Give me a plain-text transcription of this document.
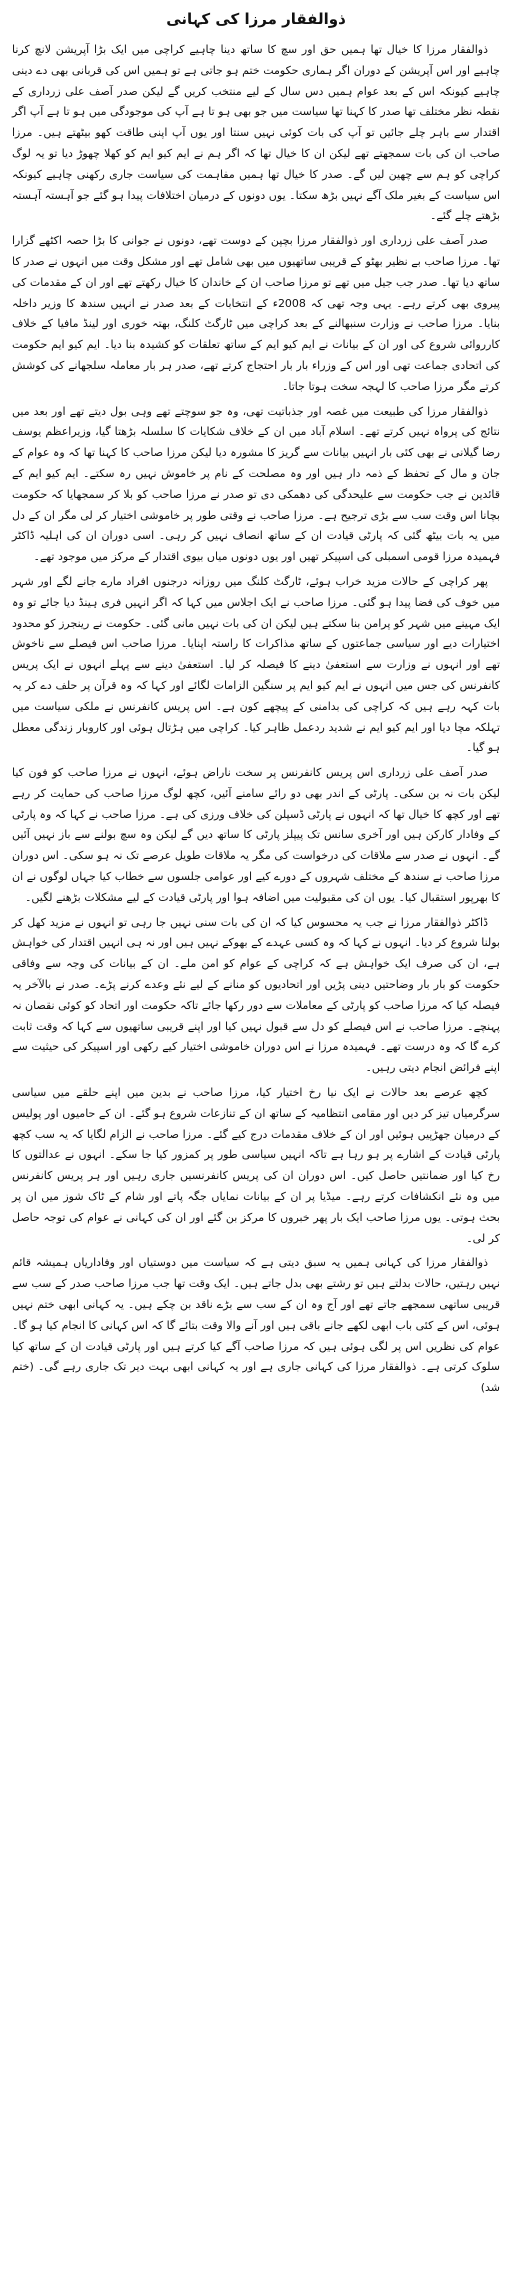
ذوالفقار مرزا کی کہانی

ذوالفقار مرزا کا خیال تھا ہمیں حق اور سچ کا ساتھ دینا چاہیے کراچی میں ایک بڑا آپریشن لانچ کرنا چاہیے اور اس آپریشن کے دوران اگر ہماری حکومت ختم ہو جاتی ہے تو ہمیں اس کی قربانی بھی دے دینی چاہیے کیونکہ اس کے بعد عوام ہمیں دس سال کے لیے منتخب کریں گے لیکن صدر آصف علی زرداری کے نقطہ نظر مختلف تھا صدر کا کہنا تھا سیاست میں جو بھی ہو تا ہے آپ کی موجودگی میں ہو تا ہے آپ اگر اقتدار سے باہر چلے جائیں تو آپ کی بات کوئی نہیں سنتا اور یوں آپ اپنی طاقت کھو بیٹھتے ہیں۔ مرزا صاحب ان کی بات سمجھتے تھے لیکن ان کا خیال تھا کہ اگر ہم نے ایم کیو ایم کو کھلا چھوڑ دیا تو یہ لوگ کراچی کو ہم سے چھین لیں گے۔ صدر کا خیال تھا ہمیں مفاہمت کی سیاست جاری رکھنی چاہیے کیونکہ اس سیاست کے بغیر ملک آگے نہیں بڑھ سکتا۔ یوں دونوں کے درمیان اختلافات پیدا ہو گئے جو آہستہ آہستہ بڑھتے چلے گئے۔

صدر آصف علی زرداری اور ذوالفقار مرزا بچپن کے دوست تھے، دونوں نے جوانی کا بڑا حصہ اکٹھے گزارا تھا۔ مرزا صاحب بے نظیر بھٹو کے قریبی ساتھیوں میں بھی شامل تھے اور مشکل وقت میں انہوں نے صدر کا ساتھ دیا تھا۔ صدر جب جیل میں تھے تو مرزا صاحب ان کے خاندان کا خیال رکھتے تھے اور ان کے مقدمات کی پیروی بھی کرتے رہے۔ یہی وجہ تھی کہ 2008ء کے انتخابات کے بعد صدر نے انہیں سندھ کا وزیر داخلہ بنایا۔ مرزا صاحب نے وزارت سنبھالنے کے بعد کراچی میں ٹارگٹ کلنگ، بھتہ خوری اور لینڈ مافیا کے خلاف کارروائی شروع کی اور ان کے بیانات نے ایم کیو ایم کے ساتھ تعلقات کو کشیدہ بنا دیا۔ ایم کیو ایم حکومت کی اتحادی جماعت تھی اور اس کے وزراء بار بار احتجاج کرتے تھے، صدر ہر بار معاملہ سلجھانے کی کوشش کرتے مگر مرزا صاحب کا لہجہ سخت ہوتا جاتا۔

ذوالفقار مرزا کی طبیعت میں غصہ اور جذباتیت تھی، وہ جو سوچتے تھے وہی بول دیتے تھے اور بعد میں نتائج کی پرواہ نہیں کرتے تھے۔ اسلام آباد میں ان کے خلاف شکایات کا سلسلہ بڑھتا گیا، وزیراعظم یوسف رضا گیلانی نے بھی کئی بار انہیں بیانات سے گریز کا مشورہ دیا لیکن مرزا صاحب کا کہنا تھا کہ وہ عوام کے جان و مال کے تحفظ کے ذمہ دار ہیں اور وہ مصلحت کے نام پر خاموش نہیں رہ سکتے۔ ایم کیو ایم کے قائدین نے جب حکومت سے علیحدگی کی دھمکی دی تو صدر نے مرزا صاحب کو بلا کر سمجھایا کہ حکومت بچانا اس وقت سب سے بڑی ترجیح ہے۔ مرزا صاحب نے وقتی طور پر خاموشی اختیار کر لی مگر ان کے دل میں یہ بات بیٹھ گئی کہ پارٹی قیادت ان کے ساتھ انصاف نہیں کر رہی۔ اسی دوران ان کی اہلیہ ڈاکٹر فہمیدہ مرزا قومی اسمبلی کی اسپیکر تھیں اور یوں دونوں میاں بیوی اقتدار کے مرکز میں موجود تھے۔

پھر کراچی کے حالات مزید خراب ہوئے، ٹارگٹ کلنگ میں روزانہ درجنوں افراد مارے جانے لگے اور شہر میں خوف کی فضا پیدا ہو گئی۔ مرزا صاحب نے ایک اجلاس میں کہا کہ اگر انہیں فری ہینڈ دیا جائے تو وہ ایک مہینے میں شہر کو پرامن بنا سکتے ہیں لیکن ان کی بات نہیں مانی گئی۔ حکومت نے رینجرز کو محدود اختیارات دیے اور سیاسی جماعتوں کے ساتھ مذاکرات کا راستہ اپنایا۔ مرزا صاحب اس فیصلے سے ناخوش تھے اور انہوں نے وزارت سے استعفیٰ دینے کا فیصلہ کر لیا۔ استعفیٰ دینے سے پہلے انہوں نے ایک پریس کانفرنس کی جس میں انہوں نے ایم کیو ایم پر سنگین الزامات لگائے اور کہا کہ وہ قرآن پر حلف دے کر یہ بات کہہ رہے ہیں کہ کراچی کی بدامنی کے پیچھے کون ہے۔ اس پریس کانفرنس نے ملکی سیاست میں تہلکہ مچا دیا اور ایم کیو ایم نے شدید ردعمل ظاہر کیا۔ کراچی میں ہڑتال ہوئی اور کاروبار زندگی معطل ہو گیا۔

صدر آصف علی زرداری اس پریس کانفرنس پر سخت ناراض ہوئے، انہوں نے مرزا صاحب کو فون کیا لیکن بات نہ بن سکی۔ پارٹی کے اندر بھی دو رائے سامنے آئیں، کچھ لوگ مرزا صاحب کی حمایت کر رہے تھے اور کچھ کا خیال تھا کہ انہوں نے پارٹی ڈسپلن کی خلاف ورزی کی ہے۔ مرزا صاحب نے کہا کہ وہ پارٹی کے وفادار کارکن ہیں اور آخری سانس تک پیپلز پارٹی کا ساتھ دیں گے لیکن وہ سچ بولنے سے باز نہیں آئیں گے۔ انہوں نے صدر سے ملاقات کی درخواست کی مگر یہ ملاقات طویل عرصے تک نہ ہو سکی۔ اس دوران مرزا صاحب نے سندھ کے مختلف شہروں کے دورے کیے اور عوامی جلسوں سے خطاب کیا جہاں لوگوں نے ان کا بھرپور استقبال کیا۔ یوں ان کی مقبولیت میں اضافہ ہوا اور پارٹی قیادت کے لیے مشکلات بڑھنے لگیں۔

ڈاکٹر ذوالفقار مرزا نے جب یہ محسوس کیا کہ ان کی بات سنی نہیں جا رہی تو انہوں نے مزید کھل کر بولنا شروع کر دیا۔ انہوں نے کہا کہ وہ کسی عہدے کے بھوکے نہیں ہیں اور نہ ہی انہیں اقتدار کی خواہش ہے، ان کی صرف ایک خواہش ہے کہ کراچی کے عوام کو امن ملے۔ ان کے بیانات کی وجہ سے وفاقی حکومت کو بار بار وضاحتیں دینی پڑیں اور اتحادیوں کو منانے کے لیے نئے وعدے کرنے پڑے۔ صدر نے بالآخر یہ فیصلہ کیا کہ مرزا صاحب کو پارٹی کے معاملات سے دور رکھا جائے تاکہ حکومت اور اتحاد کو کوئی نقصان نہ پہنچے۔ مرزا صاحب نے اس فیصلے کو دل سے قبول نہیں کیا اور اپنے قریبی ساتھیوں سے کہا کہ وقت ثابت کرے گا کہ وہ درست تھے۔ فہمیدہ مرزا نے اس دوران خاموشی اختیار کیے رکھی اور اسپیکر کی حیثیت سے اپنے فرائض انجام دیتی رہیں۔

کچھ عرصے بعد حالات نے ایک نیا رخ اختیار کیا، مرزا صاحب نے بدین میں اپنے حلقے میں سیاسی سرگرمیاں تیز کر دیں اور مقامی انتظامیہ کے ساتھ ان کے تنازعات شروع ہو گئے۔ ان کے حامیوں اور پولیس کے درمیان جھڑپیں ہوئیں اور ان کے خلاف مقدمات درج کیے گئے۔ مرزا صاحب نے الزام لگایا کہ یہ سب کچھ پارٹی قیادت کے اشارے پر ہو رہا ہے تاکہ انہیں سیاسی طور پر کمزور کیا جا سکے۔ انہوں نے عدالتوں کا رخ کیا اور ضمانتیں حاصل کیں۔ اس دوران ان کی پریس کانفرنسیں جاری رہیں اور ہر پریس کانفرنس میں وہ نئے انکشافات کرتے رہے۔ میڈیا پر ان کے بیانات نمایاں جگہ پاتے اور شام کے ٹاک شوز میں ان پر بحث ہوتی۔ یوں مرزا صاحب ایک بار پھر خبروں کا مرکز بن گئے اور ان کی کہانی نے عوام کی توجہ حاصل کر لی۔

ذوالفقار مرزا کی کہانی ہمیں یہ سبق دیتی ہے کہ سیاست میں دوستیاں اور وفاداریاں ہمیشہ قائم نہیں رہتیں، حالات بدلتے ہیں تو رشتے بھی بدل جاتے ہیں۔ ایک وقت تھا جب مرزا صاحب صدر کے سب سے قریبی ساتھی سمجھے جاتے تھے اور آج وہ ان کے سب سے بڑے ناقد بن چکے ہیں۔ یہ کہانی ابھی ختم نہیں ہوئی، اس کے کئی باب ابھی لکھے جانے باقی ہیں اور آنے والا وقت بتائے گا کہ اس کہانی کا انجام کیا ہو گا۔ عوام کی نظریں اس پر لگی ہوئی ہیں کہ مرزا صاحب آگے کیا کرتے ہیں اور پارٹی قیادت ان کے ساتھ کیا سلوک کرتی ہے۔ ذوالفقار مرزا کی کہانی جاری ہے اور یہ کہانی ابھی بہت دیر تک جاری رہے گی۔ (ختم شد)
